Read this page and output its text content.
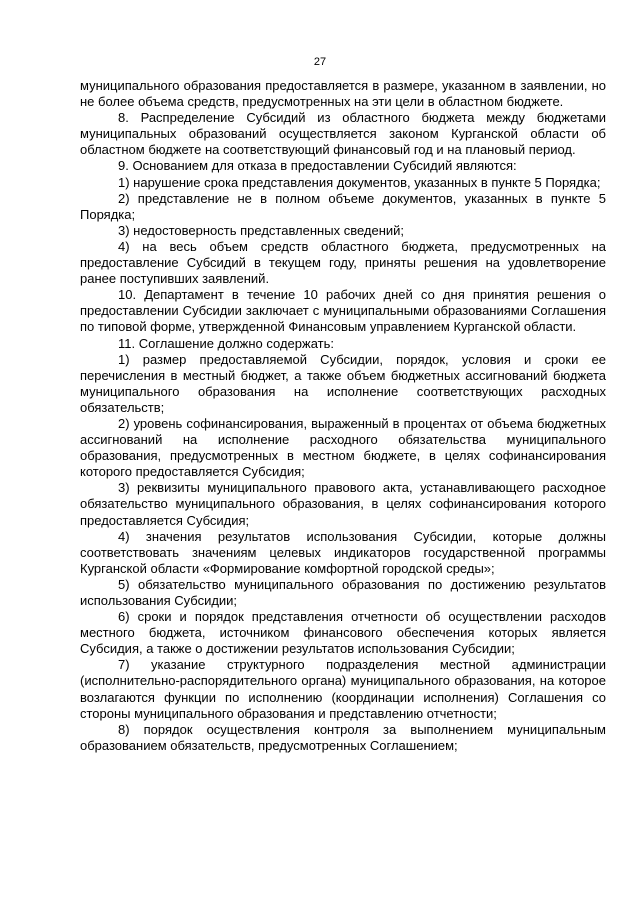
27

муниципального образования предоставляется в размере, указанном в заявлении, но не более объема средств, предусмотренных на эти цели в областном бюджете.

8. Распределение Субсидий из областного бюджета между бюджетами муниципальных образований осуществляется законом Курганской области об областном бюджете на соответствующий финансовый год и на плановый период.

9. Основанием для отказа в предоставлении Субсидий являются:

1) нарушение срока представления документов, указанных в пункте 5 Порядка;

2) представление не в полном объеме документов, указанных в пункте 5 Порядка;

3) недостоверность представленных сведений;

4) на весь объем средств областного бюджета, предусмотренных на предоставление Субсидий в текущем году, приняты решения на удовлетворение ранее поступивших заявлений.

10. Департамент в течение 10 рабочих дней со дня принятия решения о предоставлении Субсидии заключает с муниципальными образованиями Соглашения по типовой форме, утвержденной Финансовым управлением Курганской области.

11. Соглашение должно содержать:

1) размер предоставляемой Субсидии, порядок, условия и сроки ее перечисления в местный бюджет, а также объем бюджетных ассигнований бюджета муниципального образования на исполнение соответствующих расходных обязательств;

2) уровень софинансирования, выраженный в процентах от объема бюджетных ассигнований на исполнение расходного обязательства муниципального образования, предусмотренных в местном бюджете, в целях софинансирования которого предоставляется Субсидия;

3) реквизиты муниципального правового акта, устанавливающего расходное обязательство муниципального образования, в целях софинансирования которого предоставляется Субсидия;

4) значения результатов использования Субсидии, которые должны соответствовать значениям целевых индикаторов государственной программы Курганской области «Формирование комфортной городской среды»;

5) обязательство муниципального образования по достижению результатов использования Субсидии;

6) сроки и порядок представления отчетности об осуществлении расходов местного бюджета, источником финансового обеспечения которых является Субсидия, а также о достижении результатов использования Субсидии;

7) указание структурного подразделения местной администрации (исполнительно-распорядительного органа) муниципального образования, на которое возлагаются функции по исполнению (координации исполнения) Соглашения со стороны муниципального образования и представлению отчетности;

8) порядок осуществления контроля за выполнением муниципальным образованием обязательств, предусмотренных Соглашением;
